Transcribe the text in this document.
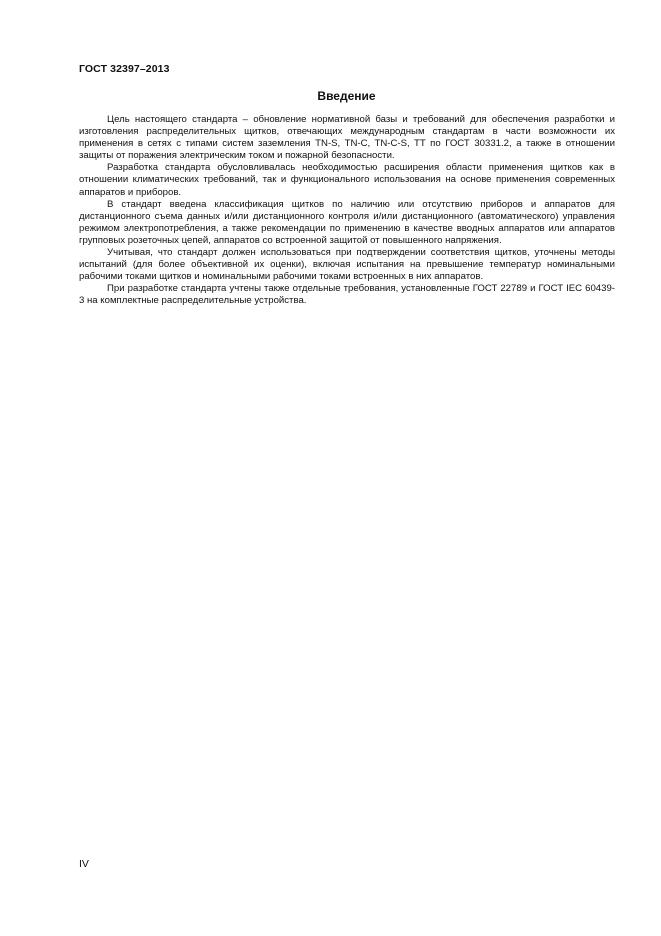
ГОСТ 32397–2013
Введение

Цель настоящего стандарта – обновление нормативной базы и требований для обеспечения разработки и изготовления распределительных щитков, отвечающих международным стандартам в части возможности их применения в сетях с типами систем заземления TN-S, TN-C, TN-C-S, TT по ГОСТ 30331.2, а также в отношении защиты от поражения электрическим током и пожарной безопасности.

Разработка стандарта обусловливалась необходимостью расширения области применения щитков как в отношении климатических требований, так и функционального использования на основе применения современных аппаратов и приборов.

В стандарт введена классификация щитков по наличию или отсутствию приборов и аппаратов для дистанционного съема данных и/или дистанционного контроля и/или дистанционного (автоматического) управления режимом электропотребления, а также рекомендации по применению в качестве вводных аппаратов или аппаратов групповых розеточных цепей, аппаратов со встроенной защитой от повышенного напряжения.

Учитывая, что стандарт должен использоваться при подтверждении соответствия щитков, уточнены методы испытаний (для более объективной их оценки), включая испытания на превышение температур номинальными рабочими токами щитков и номинальными рабочими токами встроенных в них аппаратов.

При разработке стандарта учтены также отдельные требования, установленные ГОСТ 22789 и ГОСТ IEC 60439-3 на комплектные распределительные устройства.

IV
